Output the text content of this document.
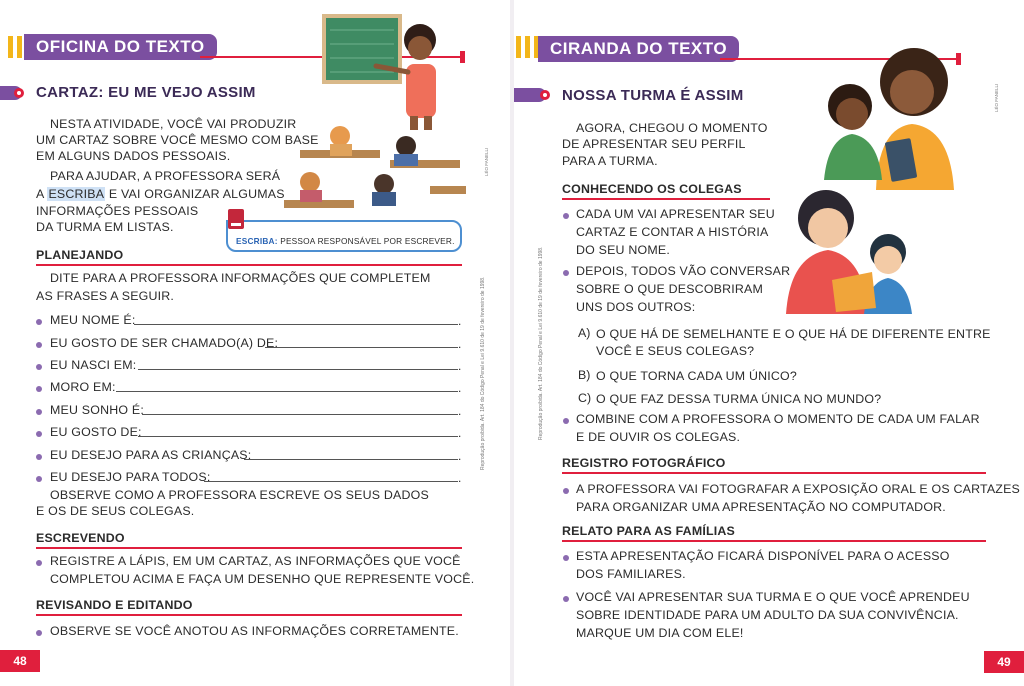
OFICINA DO TEXTO
LÉO FANELLI
CARTAZ: EU ME VEJO ASSIM
NESTA ATIVIDADE, VOCÊ VAI PRODUZIR
UM CARTAZ SOBRE VOCÊ MESMO COM BASE
EM ALGUNS DADOS PESSOAIS.
PARA AJUDAR, A PROFESSORA SERÁ
A ESCRIBA E VAI ORGANIZAR ALGUMAS
INFORMAÇÕES PESSOAIS
DA TURMA EM LISTAS.
ESCRIBA: PESSOA RESPONSÁVEL POR ESCREVER.
PLANEJANDO
DITE PARA A PROFESSORA INFORMAÇÕES QUE COMPLETEM
AS FRASES A SEGUIR.
MEU NOME É:	.
EU GOSTO DE SER CHAMADO(A) DE:	.
EU NASCI EM:	.
MORO EM:	.
MEU SONHO É:	.
EU GOSTO DE:	.
EU DESEJO PARA AS CRIANÇAS:	.
EU DESEJO PARA TODOS:	.
OBSERVE COMO A PROFESSORA ESCREVE OS SEUS DADOS
E OS DE SEUS COLEGAS.
ESCREVENDO
REGISTRE A LÁPIS, EM UM CARTAZ, AS INFORMAÇÕES QUE VOCÊ
COMPLETOU ACIMA E FAÇA UM DESENHO QUE REPRESENTE VOCÊ.
REVISANDO E EDITANDO
OBSERVE SE VOCÊ ANOTOU AS INFORMAÇÕES CORRETAMENTE.
48
Reprodução proibida. Art. 184 do Código Penal e Lei 9.610 de 19 de fevereiro de 1998.
CIRANDA DO TEXTO
NOSSA TURMA É ASSIM	LÉO FANELLI
AGORA, CHEGOU O MOMENTO
DE APRESENTAR SEU PERFIL
PARA A TURMA.
CONHECENDO OS COLEGAS
CADA UM VAI APRESENTAR SEU
CARTAZ E CONTAR A HISTÓRIA
DO SEU NOME.
DEPOIS, TODOS VÃO CONVERSAR
SOBRE O QUE DESCOBRIRAM
UNS DOS OUTROS:
A) O QUE HÁ DE SEMELHANTE E O QUE HÁ DE DIFERENTE ENTRE
VOCÊ E SEUS COLEGAS?
B) O QUE TORNA CADA UM ÚNICO?
C) O QUE FAZ DESSA TURMA ÚNICA NO MUNDO?
COMBINE COM A PROFESSORA O MOMENTO DE CADA UM FALAR
E DE OUVIR OS COLEGAS.
REGISTRO FOTOGRÁFICO
A PROFESSORA VAI FOTOGRAFAR A EXPOSIÇÃO ORAL E OS CARTAZES
PARA ORGANIZAR UMA APRESENTAÇÃO NO COMPUTADOR.
RELATO PARA AS FAMÍLIAS
ESTA APRESENTAÇÃO FICARÁ DISPONÍVEL PARA O ACESSO
DOS FAMILIARES.
VOCÊ VAI APRESENTAR SUA TURMA E O QUE VOCÊ APRENDEU
SOBRE IDENTIDADE PARA UM ADULTO DA SUA CONVIVÊNCIA.
MARQUE UM DIA COM ELE!
49
Reprodução proibida. Art. 184 do Código Penal e Lei 9.610 de 19 de fevereiro de 1998.
